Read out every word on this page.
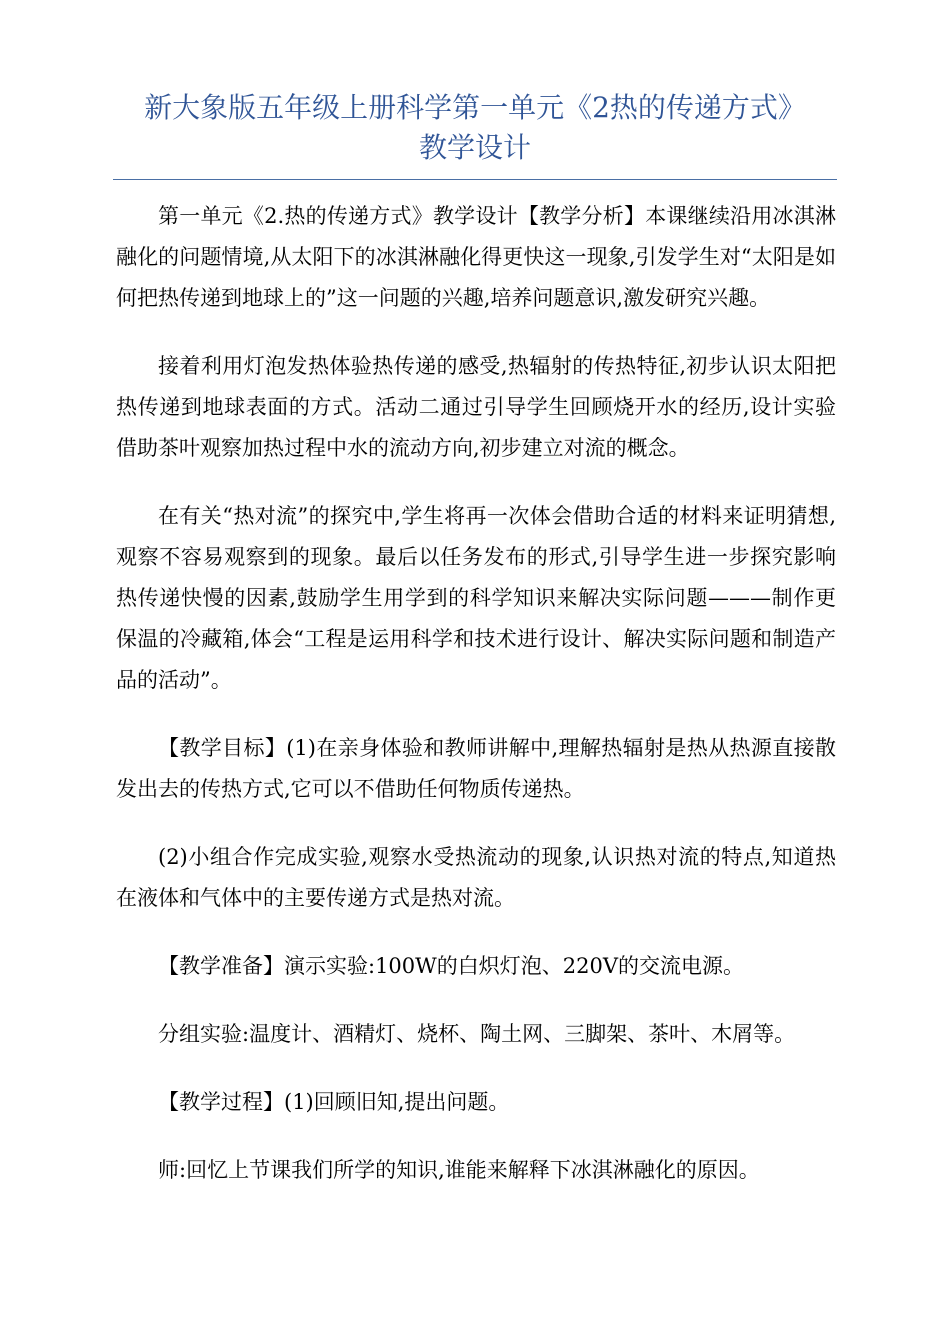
新大象版五年级上册科学第一单元《2热的传递方式》
教学设计

第一单元《2.热的传递方式》教学设计【教学分析】本课继续沿用冰淇淋融化的问题情境,从太阳下的冰淇淋融化得更快这一现象,引发学生对“太阳是如何把热传递到地球上的”这一问题的兴趣,培养问题意识,激发研究兴趣。

接着利用灯泡发热体验热传递的感受,热辐射的传热特征,初步认识太阳把热传递到地球表面的方式。活动二通过引导学生回顾烧开水的经历,设计实验借助茶叶观察加热过程中水的流动方向,初步建立对流的概念。

在有关“热对流”的探究中,学生将再一次体会借助合适的材料来证明猜想,观察不容易观察到的现象。最后以任务发布的形式,引导学生进一步探究影响热传递快慢的因素,鼓励学生用学到的科学知识来解决实际问题———制作更保温的冷藏箱,体会“工程是运用科学和技术进行设计、解决实际问题和制造产品的活动”。

【教学目标】(1)在亲身体验和教师讲解中,理解热辐射是热从热源直接散发出去的传热方式,它可以不借助任何物质传递热。

(2)小组合作完成实验,观察水受热流动的现象,认识热对流的特点,知道热在液体和气体中的主要传递方式是热对流。

【教学准备】演示实验:100W的白炽灯泡、220V的交流电源。

分组实验:温度计、酒精灯、烧杯、陶土网、三脚架、茶叶、木屑等。

【教学过程】(1)回顾旧知,提出问题。

师:回忆上节课我们所学的知识,谁能来解释下冰淇淋融化的原因。
